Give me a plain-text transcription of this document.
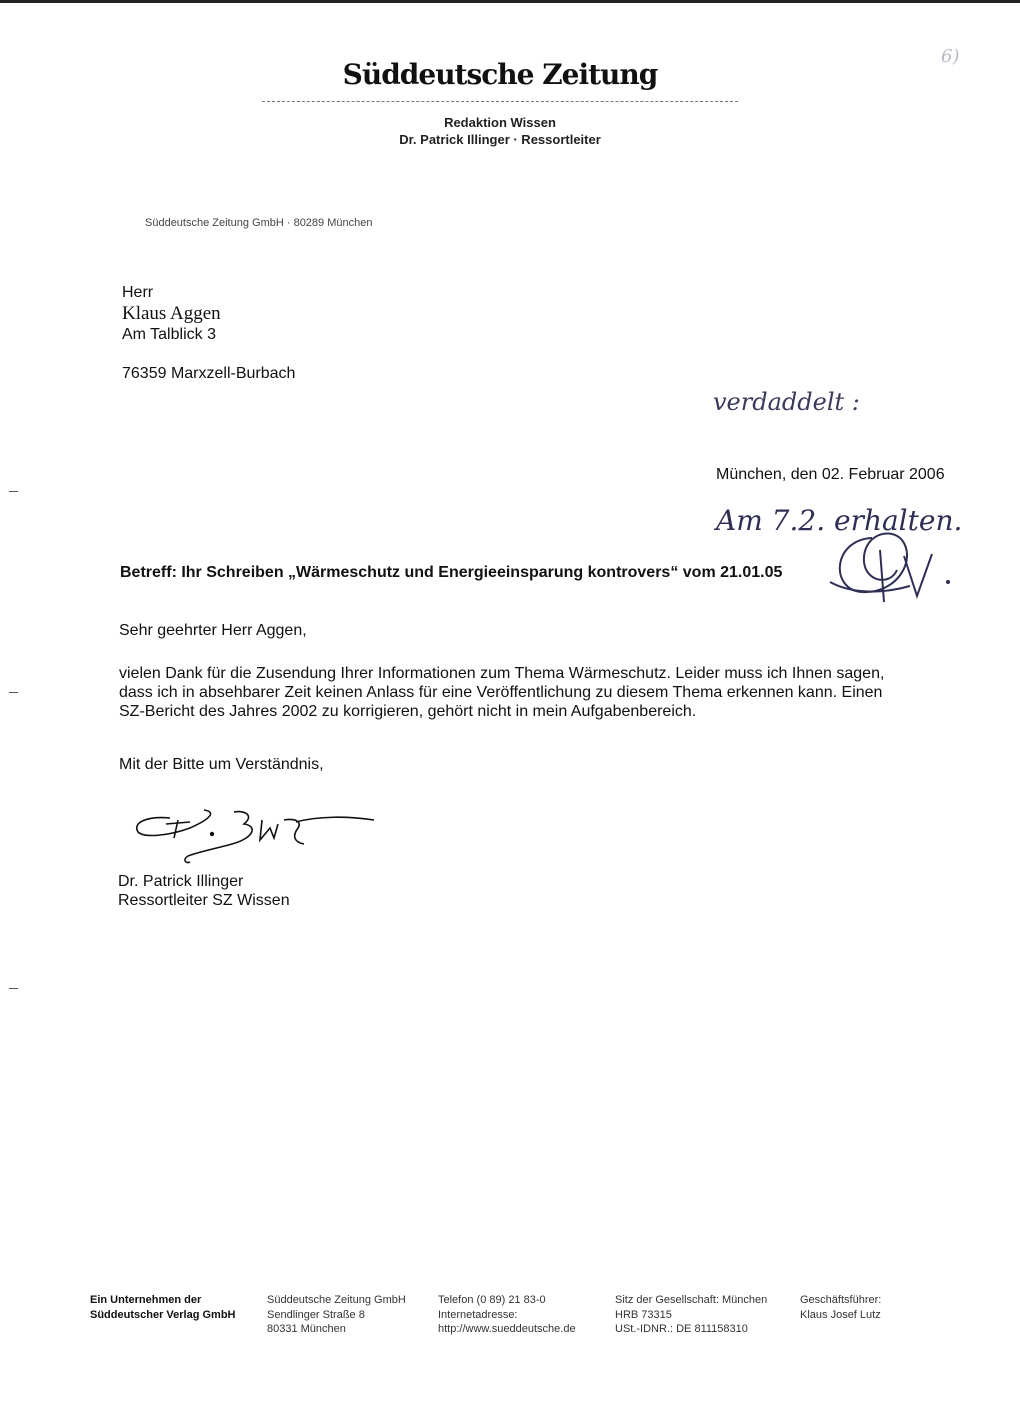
Süddeutsche Zeitung
Redaktion Wissen
Dr. Patrick Illinger · Ressortleiter
Süddeutsche Zeitung GmbH · 80289 München
Herr
Klaus Aggen
Am Talblick 3
76359 Marxzell-Burbach
verdaddelt :
München, den 02. Februar 2006
Am 7.2. erhalten.
6)
Betreff: Ihr Schreiben „Wärmeschutz und Energieeinsparung kontrovers“ vom 21.01.05
Sehr geehrter Herr Aggen,
vielen Dank für die Zusendung Ihrer Informationen zum Thema Wärmeschutz. Leider muss ich Ihnen sagen,
dass ich in absehbarer Zeit keinen Anlass für eine Veröffentlichung zu diesem Thema erkennen kann. Einen
SZ-Bericht des Jahres 2002 zu korrigieren, gehört nicht in mein Aufgabenbereich.
Mit der Bitte um Verständnis,
Dr. Patrick Illinger
Ressortleiter SZ Wissen
Ein Unternehmen der
Süddeutscher Verlag GmbH
Süddeutsche Zeitung GmbH
Sendlinger Straße 8
80331 München
Telefon (0 89) 21 83-0
Internetadresse:
http://www.sueddeutsche.de
Sitz der Gesellschaft: München
HRB 73315
USt.-IDNR.: DE 811158310
Geschäftsführer:
Klaus Josef Lutz
